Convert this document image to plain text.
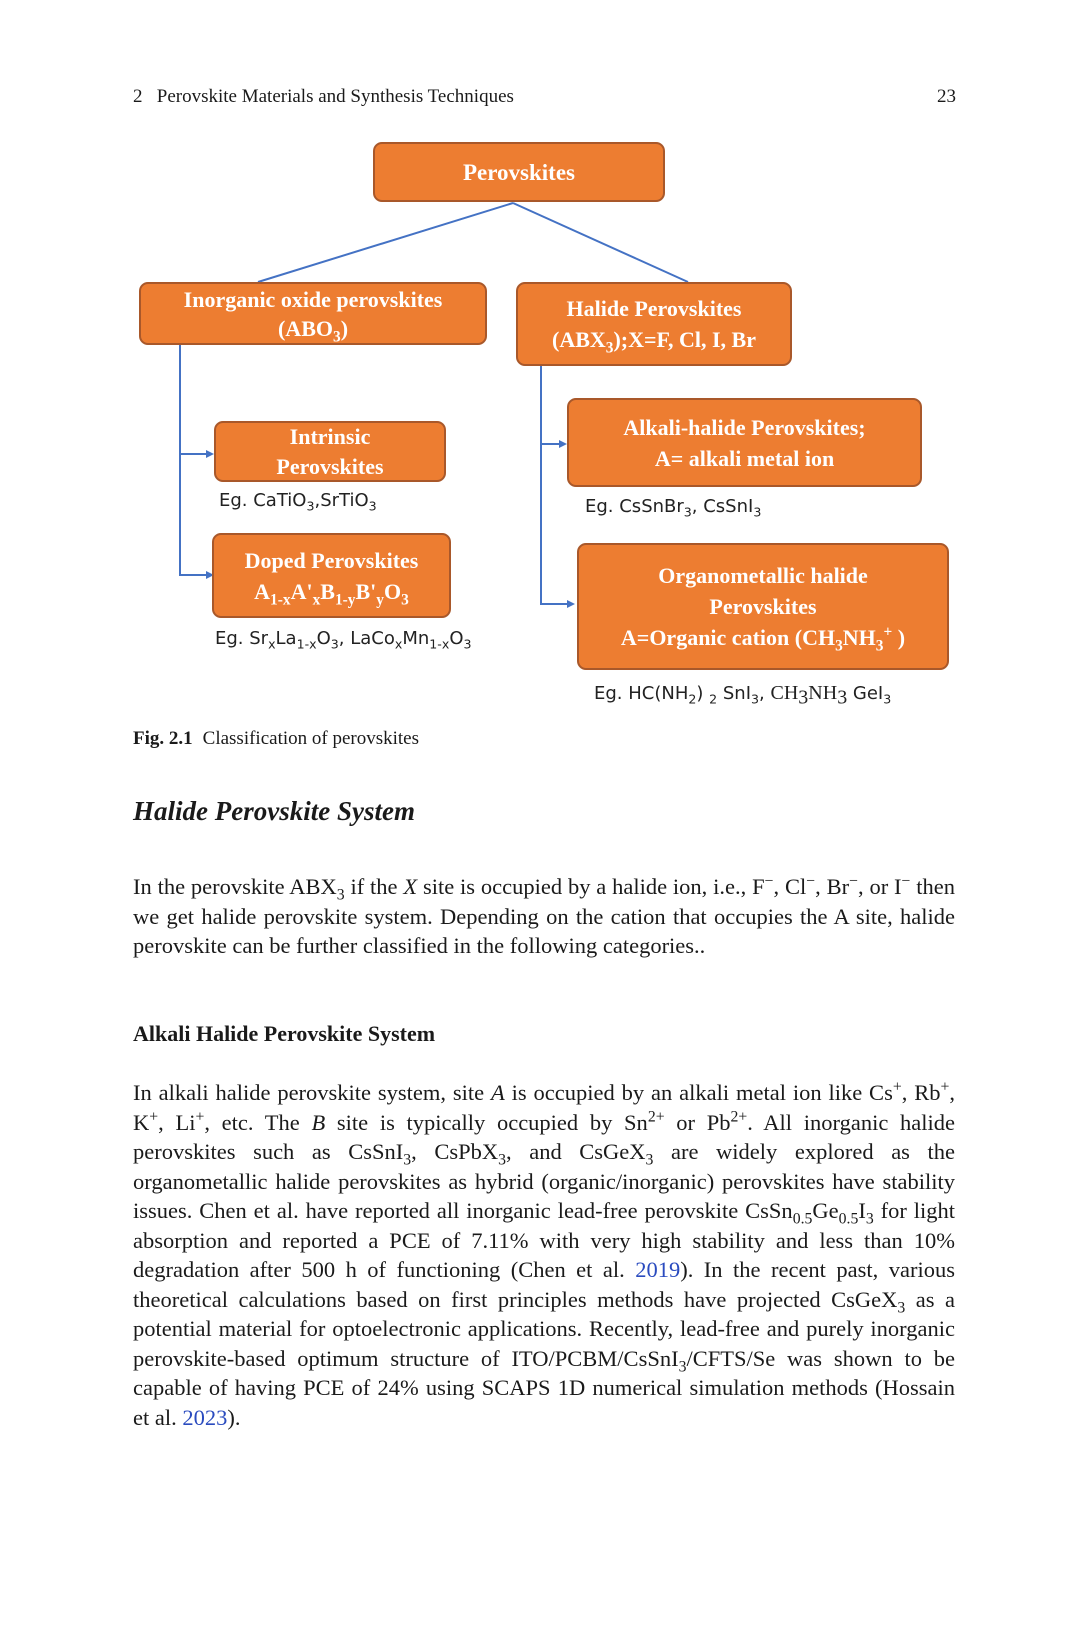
2   Perovskite Materials and Synthesis Techniques	23
Perovskites
Inorganic oxide perovskites
$(ABO_3)$
Halide Perovskites
$(ABX_3);X=F$, Cl, I, Br
Intrinsic
Perovskites
Eg. CaTiO$_3$,SrTiO$_3$
Doped Perovskites
$A_{1-x}A'_xB_{1-y}B'_yO_3$
Eg. $Sr_xLa_{1-x}O_3$, $LaCo_xMn_{1-x}O_3$
Alkali-halide Perovskites;
A= alkali metal ion
Eg. CsSnBr$_3$, CsSnI$_3$
Organometallic halide
Perovskites
A=Organic cation ($CH_3NH_3^+$ )
Eg. $HC(NH_2)$ $_2$ SnI$_3$, $CH_3NH_3$ GeI$_3$
Fig. 2.1 Classification of perovskites
Halide Perovskite System
In the perovskite $ABX_3$ if the X site is occupied by a halide ion, i.e., F−, Cl−, Br−, or I− then we get halide perovskite system. Depending on the cation that occupies the A site, halide perovskite can be further classified in the following categories..
Alkali Halide Perovskite System
In alkali halide perovskite system, site A is occupied by an alkali metal ion like Cs+, Rb+, K+, Li+, etc. The B site is typically occupied by $Sn^{2+}$ or $Pb^{2+}$. All inorganic halide perovskites such as CsSnI$_3$, CsPbX$_3$, and CsGeX$_3$ are widely explored as the organometallic halide perovskites as hybrid (organic/inorganic) perovskites have stability issues. Chen et al. have reported all inorganic lead-free perovskite $CsSn_{0.5}Ge_{0.5}I_3$ for light absorption and reported a PCE of 7.11% with very high stability and less than 10% degradation after 500 h of functioning (Chen et al. 2019). In the recent past, various theoretical calculations based on first principles methods have projected CsGeX$_3$ as a potential material for optoelectronic applications. Recently, lead-free and purely inorganic perovskite-based optimum structure of ITO/PCBM/CsSnI$_3$/CFTS/Se was shown to be capable of having PCE of 24% using SCAPS 1D numerical simulation methods (Hossain et al. 2023).
